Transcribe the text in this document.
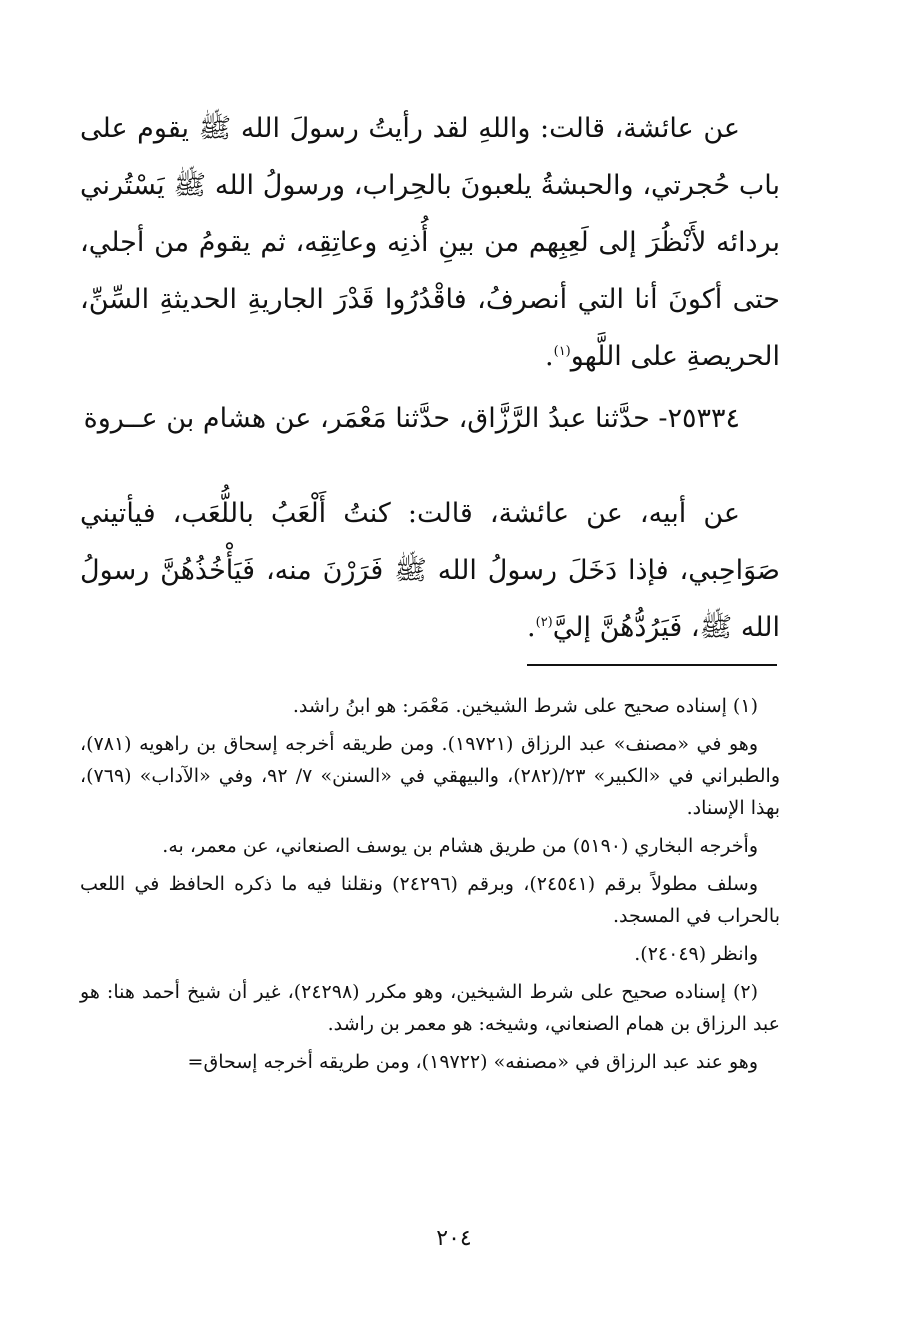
عن عائشة، قالت: واللهِ لقد رأيتُ رسولَ الله ﷺ يقوم على باب حُجرتي، والحبشةُ يلعبونَ بالحِراب، ورسولُ الله ﷺ يَسْتُرني بردائه لأَنْظُرَ إلى لَعِبِهم من بينِ أُذنِه وعاتِقِه، ثم يقومُ من أجلي، حتى أكونَ أنا التي أنصرفُ، فاقْدُرُوا قَدْرَ الجاريةِ الحديثةِ السِّنِّ، الحريصةِ على اللَّهو$^{(١)}$.

٢٥٣٣٤- حدَّثنا عبدُ الرَّزَّاق، حدَّثنا مَعْمَر، عن هشام بن عــروة

عن أبيه، عن عائشة، قالت: كنتُ أَلْعَبُ باللُّعَب، فيأتيني صَوَاحِبي، فإذا دَخَلَ رسولُ الله ﷺ فَرَرْنَ منه، فَيَأْخُذُهُنَّ رسولُ الله ﷺ، فَيَرُدُّهُنَّ إليَّ$^{(٢)}$.

(١) إسناده صحيح على شرط الشيخين. مَعْمَر: هو ابنُ راشد.

وهو في «مصنف» عبد الرزاق (١٩٧٢١). ومن طريقه أخرجه إسحاق بن راهويه (٧٨١)، والطبراني في «الكبير» ٢٣/(٢٨٢)، والبيهقي في «السنن» ٧/ ٩٢، وفي «الآداب» (٧٦٩)، بهذا الإسناد.

وأخرجه البخاري (٥١٩٠) من طريق هشام بن يوسف الصنعاني، عن معمر، به.

وسلف مطولاً برقم (٢٤٥٤١)، وبرقم (٢٤٢٩٦) ونقلنا فيه ما ذكره الحافظ في اللعب بالحراب في المسجد.

وانظر (٢٤٠٤٩).

(٢) إسناده صحيح على شرط الشيخين، وهو مكرر (٢٤٢٩٨)، غير أن شيخ أحمد هنا: هو عبد الرزاق بن همام الصنعاني، وشيخه: هو معمر بن راشد.

وهو عند عبد الرزاق في «مصنفه» (١٩٧٢٢)، ومن طريقه أخرجه إسحاق=

٢٠٤
